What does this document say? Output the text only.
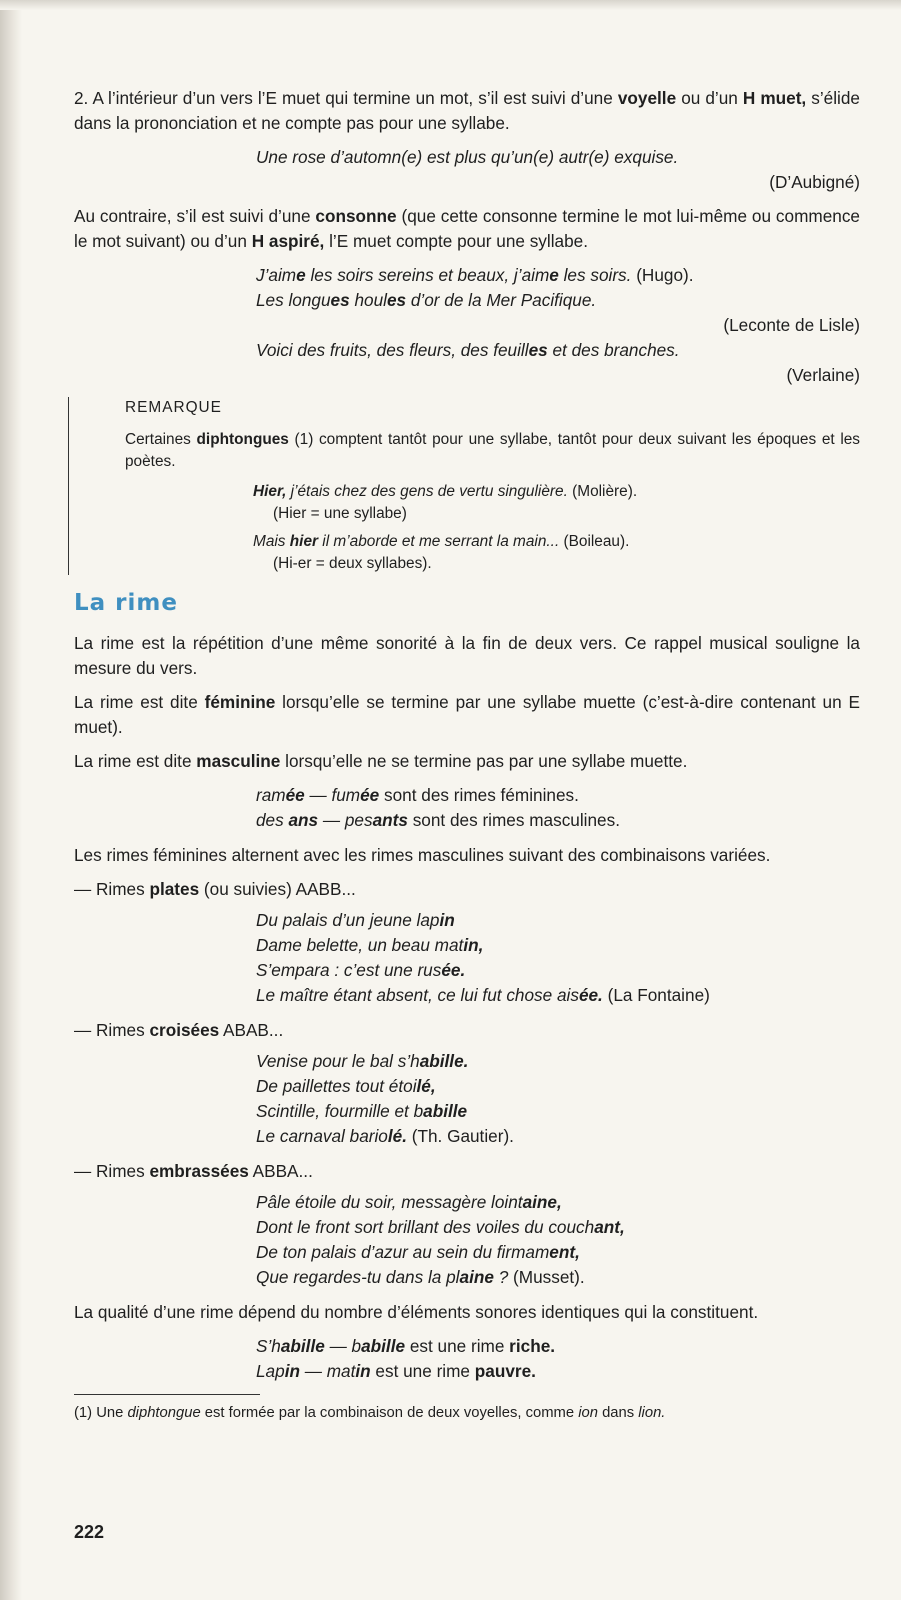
2. A l’intérieur d’un vers l’E muet qui termine un mot, s’il est suivi d’une voyelle ou d’un H muet, s’élide dans la prononciation et ne compte pas pour une syllabe.

Une rose d’automn(e) est plus qu’un(e) autr(e) exquise.
(D’Aubigné)

Au contraire, s’il est suivi d’une consonne (que cette consonne termine le mot lui-même ou commence le mot suivant) ou d’un H aspiré, l’E muet compte pour une syllabe.

J’aime les soirs sereins et beaux, j’aime les soirs. (Hugo).
Les longues houles d’or de la Mer Pacifique.
(Leconte de Lisle)
Voici des fruits, des fleurs, des feuilles et des branches.
(Verlaine)
REMARQUE

Certaines diphtongues (1) comptent tantôt pour une syllabe, tantôt pour deux suivant les époques et les poètes.

Hier, j’étais chez des gens de vertu singulière. (Molière).
(Hier = une syllabe)
Mais hier il m’aborde et me serrant la main... (Boileau).
(Hi-er = deux syllabes).
La rime

La rime est la répétition d’une même sonorité à la fin de deux vers. Ce rappel musical souligne la mesure du vers.

La rime est dite féminine lorsqu’elle se termine par une syllabe muette (c’est-à-dire contenant un E muet).

La rime est dite masculine lorsqu’elle ne se termine pas par une syllabe muette.

ramée — fumée sont des rimes féminines.
des ans — pesants sont des rimes masculines.

Les rimes féminines alternent avec les rimes masculines suivant des combinaisons variées.

— Rimes plates (ou suivies) AABB...
Du palais d’un jeune lapin
Dame belette, un beau matin,
S’empara : c’est une rusée.
Le maître étant absent, ce lui fut chose aisée. (La Fontaine)
— Rimes croisées ABAB...
Venise pour le bal s’habille.
De paillettes tout étoilé,
Scintille, fourmille et babille
Le carnaval bariolé. (Th. Gautier).
— Rimes embrassées ABBA...
Pâle étoile du soir, messagère lointaine,
Dont le front sort brillant des voiles du couchant,
De ton palais d’azur au sein du firmament,
Que regardes-tu dans la plaine ? (Musset).

La qualité d’une rime dépend du nombre d’éléments sonores identiques qui la constituent.

S’habille — babille est une rime riche.
Lapin — matin est une rime pauvre.
(1) Une diphtongue est formée par la combinaison de deux voyelles, comme ion dans lion.
222
